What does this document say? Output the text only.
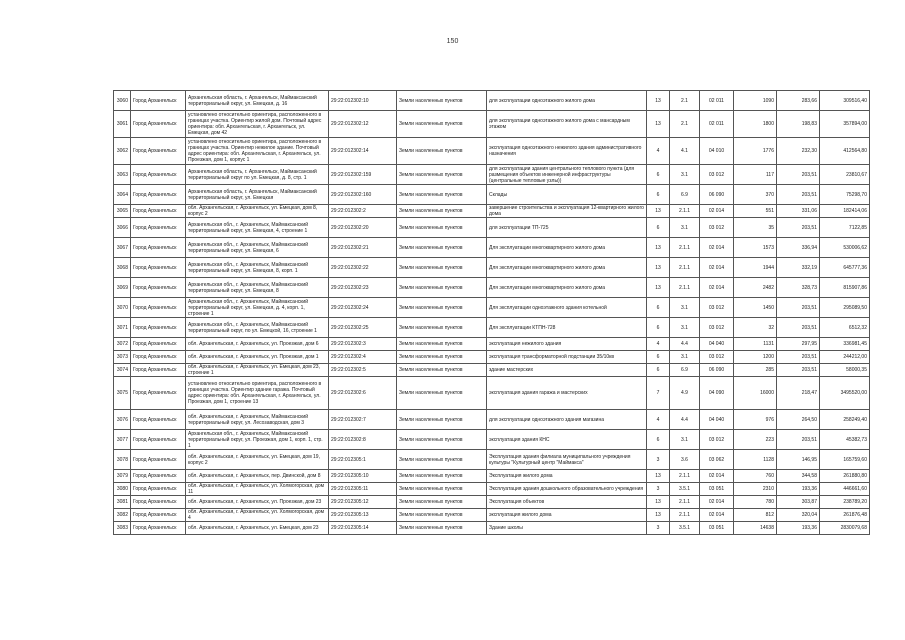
150
3060	Город Архангельск	Архангельская область, г. Архангельск, Маймаксанский территориальный округ, ул. Емецкая, д. 16	29:22:012302:10	Земли населенных пунктов	для эксплуатации одноэтажного жилого дома	13	2.1	02 011	1090	283,66	309516,40
3061	Город Архангельск	установлено относительно ориентира, расположенного в границах участка. Ориентир жилой дом. Почтовый адрес ориентира: обл. Архангельская, г. Архангельск, ул. Емецкая, дом 42	29:22:012302:12	Земли населенных пунктов	для эксплуатации одноэтажного жилого дома с мансардным этажом	13	2.1	02 011	1800	198,83	357894,00
3062	Город Архангельск	установлено относительно ориентира, расположенного в границах участка. Ориентир нежилое здание. Почтовый адрес ориентира: обл. Архангельская, г. Архангельск, ул. Проезжая, дом 1, корпус 1	29:22:012302:14	Земли населенных пунктов	эксплуатация одноэтажного нежилого здания административного назначения	4	4.1	04 010	1776	232,30	412564,80
3063	Город Архангельск	Архангельская область, г. Архангельск, Маймаксанский территориальный округ по ул. Емецкая, д. 8, стр. 1	29:22:012302:159	Земли населенных пунктов	для эксплуатации здания центрального теплового пункта (для размещения объектов инженерной инфраструктуры (центральные тепловые узлы))	6	3.1	03 012	117	203,51	23810,67
3064	Город Архангельск	Архангельская область, г. Архангельск, Маймаксанский территориальный округ, ул. Емецкая	29:22:012302:160	Земли населенных пунктов	Склады	6	6.9	06 090	370	203,51	75298,70
3065	Город Архангельск	обл. Архангельская, г. Архангельск, ул. Емецкая, дом 8, корпус 2	29:22:012302:2	Земли населенных пунктов	завершение строительства и эксплуатация 12-квартирного жилого дома	13	2.1.1	02 014	551	331,06	182414,06
3066	Город Архангельск	Архангельская обл., г. Архангельск, Маймаксанский территориальный округ, ул. Емецкая, 4, строение 1	29:22:012302:20	Земли населенных пунктов	для эксплуатации ТП-725	6	3.1	03 012	35	203,51	7122,85
3067	Город Архангельск	Архангельская обл., г. Архангельск, Маймаксанский территориальный округ, ул. Емецкая, 6	29:22:012302:21	Земли населенных пунктов	Для эксплуатации многоквартирного жилого дома	13	2.1.1	02 014	1573	336,94	530006,62
3068	Город Архангельск	Архангельская обл., г. Архангельск, Маймаксанский территориальный округ, ул. Емецкая, 8, корп. 1	29:22:012302:22	Земли населенных пунктов	Для эксплуатации многоквартирного жилого дома	13	2.1.1	02 014	1944	332,19	645777,36
3069	Город Архангельск	Архангельская обл., г. Архангельск, Маймаксанский территориальный округ, ул. Емецкая, 8	29:22:012302:23	Земли населенных пунктов	Для эксплуатации многоквартирного жилого дома	13	2.1.1	02 014	2482	328,73	815907,86
3070	Город Архангельск	Архангельская обл., г. Архангельск, Маймаксанский территориальный округ, ул. Емецкая, д. 4, корп. 1, строение 1	29:22:012302:24	Земли населенных пунктов	Для эксплуатации одноэтажного здания котельной	6	3.1	03 012	1450	203,51	295089,50
3071	Город Архангельск	Архангельская обл., г. Архангельск, Маймаксанский территориальный округ, по ул. Емецкой, 16, строение 1	29:22:012302:25	Земли населенных пунктов	Для эксплуатации КТПН-728	6	3.1	03 012	32	203,51	6512,32
3072	Город Архангельск	обл. Архангельская, г. Архангельск, ул. Проезжая, дом 6	29:22:012302:3	Земли населенных пунктов	эксплуатация нежилого здания	4	4.4	04 040	1131	297,95	336981,45
3073	Город Архангельск	обл. Архангельская, г. Архангельск, ул. Проезжая, дом 1	29:22:012302:4	Земли населенных пунктов	эксплуатация трансформаторной подстанции 35/10кв	6	3.1	03 012	1200	203,51	244212,00
3074	Город Архангельск	обл. Архангельская, г. Архангельск, ул. Емецкая, дом 23, строение 1	29:22:012302:5	Земли населенных пунктов	здание мастерских	6	6.9	06 090	285	203,51	58000,35
3075	Город Архангельск	установлено относительно ориентира, расположенного в границах участка. Ориентир здание гаража. Почтовый адрес ориентира: обл. Архангельская, г. Архангельск, ул. Проезжая, дом 1, строение 13	29:22:012302:6	Земли населенных пунктов	эксплуатация здания гаража и мастерских	7	4.9	04 090	16000	218,47	3495520,00
3076	Город Архангельск	обл. Архангельская, г. Архангельск, Маймаксанский территориальный округ, ул. Лесозаводская, дом 3	29:22:012302:7	Земли населенных пунктов	для эксплуатации одноэтажного здания магазина	4	4.4	04 040	976	264,50	258249,40
3077	Город Архангельск	Архангельская обл., г. Архангельск, Маймаксанский территориальный округ, ул. Проезжая, дом 1, корп. 1, стр. 1	29:22:012302:8	Земли населенных пунктов	эксплуатация здания КНС	6	3.1	03 012	223	203,51	45382,73
3078	Город Архангельск	обл. Архангельская, г. Архангельск, ул. Емецкая, дом 19, корпус 2	29:22:012305:1	Земли населенных пунктов	Эксплуатация здания филиала муниципального учреждения культуры "Культурный центр "Маймакса"	3	3.6	03 062	1128	146,95	165759,60
3079	Город Архангельск	обл. Архангельская, г. Архангельск, пер. Двинской, дом 8	29:22:012305:10	Земли населенных пунктов	Эксплуатация жилого дома	13	2.1.1	02 014	760	344,58	261880,80
3080	Город Архангельск	обл. Архангельская, г. Архангельск, ул. Холмогорская, дом 11	29:22:012305:11	Земли населенных пунктов	Эксплуатация здания дошкольного образовательного учреждения	3	3.5.1	03 051	2310	193,36	446661,60
3081	Город Архангельск	обл. Архангельская, г. Архангельск, ул. Проезжая, дом 23	29:22:012305:12	Земли населенных пунктов	Эксплуатация объектов	13	2.1.1	02 014	780	303,87	238789,20
3082	Город Архангельск	обл. Архангельская, г. Архангельск, ул. Холмогорская, дом 4	29:22:012305:13	Земли населенных пунктов	эксплуатация жилого дома	13	2.1.1	02 014	812	320,04	261876,48
3083	Город Архангельск	обл. Архангельская, г. Архангельск, ул. Емецкая, дом 23	29:22:012305:14	Земли населенных пунктов	Здание школы	3	3.5.1	03 051	14638	193,36	2830079,68
